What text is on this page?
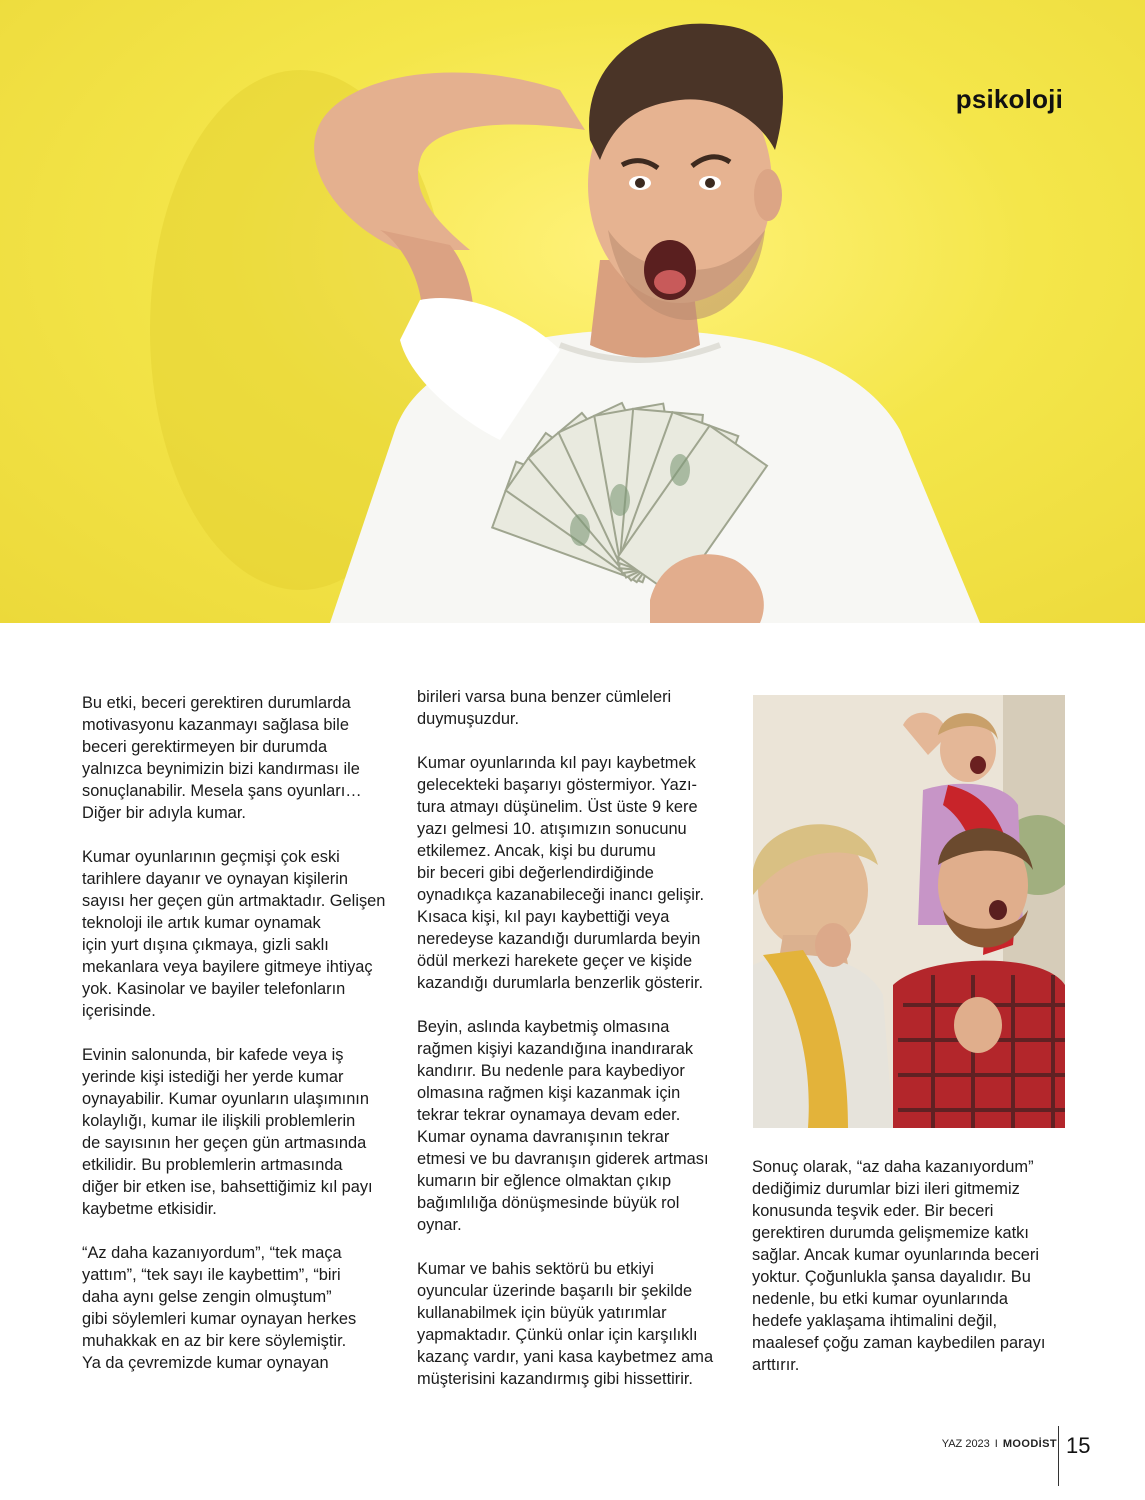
psikoloji

Bu etki, beceri gerektiren durumlarda
motivasyonu kazanmayı sağlasa bile
beceri gerektirmeyen bir durumda
yalnızca beynimizin bizi kandırması ile
sonuçlanabilir. Mesela şans oyunları…
Diğer bir adıyla kumar.

Kumar oyunlarının geçmişi çok eski
tarihlere dayanır ve oynayan kişilerin
sayısı her geçen gün artmaktadır. Gelişen
teknoloji ile artık kumar oynamak
için yurt dışına çıkmaya, gizli saklı
mekanlara veya bayilere gitmeye ihtiyaç
yok. Kasinolar ve bayiler telefonların
içerisinde.

Evinin salonunda, bir kafede veya iş
yerinde kişi istediği her yerde kumar
oynayabilir. Kumar oyunların ulaşımının
kolaylığı, kumar ile ilişkili problemlerin
de sayısının her geçen gün artmasında
etkilidir. Bu problemlerin artmasında
diğer bir etken ise, bahsettiğimiz kıl payı
kaybetme etkisidir.

“Az daha kazanıyordum”, “tek maça
yattım”, “tek sayı ile kaybettim”, “biri
daha aynı gelse zengin olmuştum”
gibi söylemleri kumar oynayan herkes
muhakkak en az bir kere söylemiştir.
Ya da çevremizde kumar oynayan

birileri varsa buna benzer cümleleri
duymuşuzdur.

Kumar oyunlarında kıl payı kaybetmek
gelecekteki başarıyı göstermiyor. Yazı-
tura atmayı düşünelim. Üst üste 9 kere
yazı gelmesi 10. atışımızın sonucunu
etkilemez. Ancak, kişi bu durumu
bir beceri gibi değerlendirdiğinde
oynadıkça kazanabileceği inancı gelişir.
Kısaca kişi, kıl payı kaybettiği veya
neredeyse kazandığı durumlarda beyin
ödül merkezi harekete geçer ve kişide
kazandığı durumlarla benzerlik gösterir.

Beyin, aslında kaybetmiş olmasına
rağmen kişiyi kazandığına inandırarak
kandırır. Bu nedenle para kaybediyor
olmasına rağmen kişi kazanmak için
tekrar tekrar oynamaya devam eder.
Kumar oynama davranışının tekrar
etmesi ve bu davranışın giderek artması
kumarın bir eğlence olmaktan çıkıp
bağımlılığa dönüşmesinde büyük rol
oynar.

Kumar ve bahis sektörü bu etkiyi
oyuncular üzerinde başarılı bir şekilde
kullanabilmek için büyük yatırımlar
yapmaktadır. Çünkü onlar için karşılıklı
kazanç vardır, yani kasa kaybetmez ama
müşterisini kazandırmış gibi hissettirir.

Sonuç olarak, “az daha kazanıyordum”
dediğimiz durumlar bizi ileri gitmemiz
konusunda teşvik eder. Bir beceri
gerektiren durumda gelişmemize katkı
sağlar. Ancak kumar oyunlarında beceri
yoktur. Çoğunlukla şansa dayalıdır. Bu
nedenle, bu etki kumar oyunlarında
hedefe yaklaşama ihtimalini değil,
maalesef çoğu zaman kaybedilen parayı
arttırır.

YAZ 2023 I MOODİST 15
